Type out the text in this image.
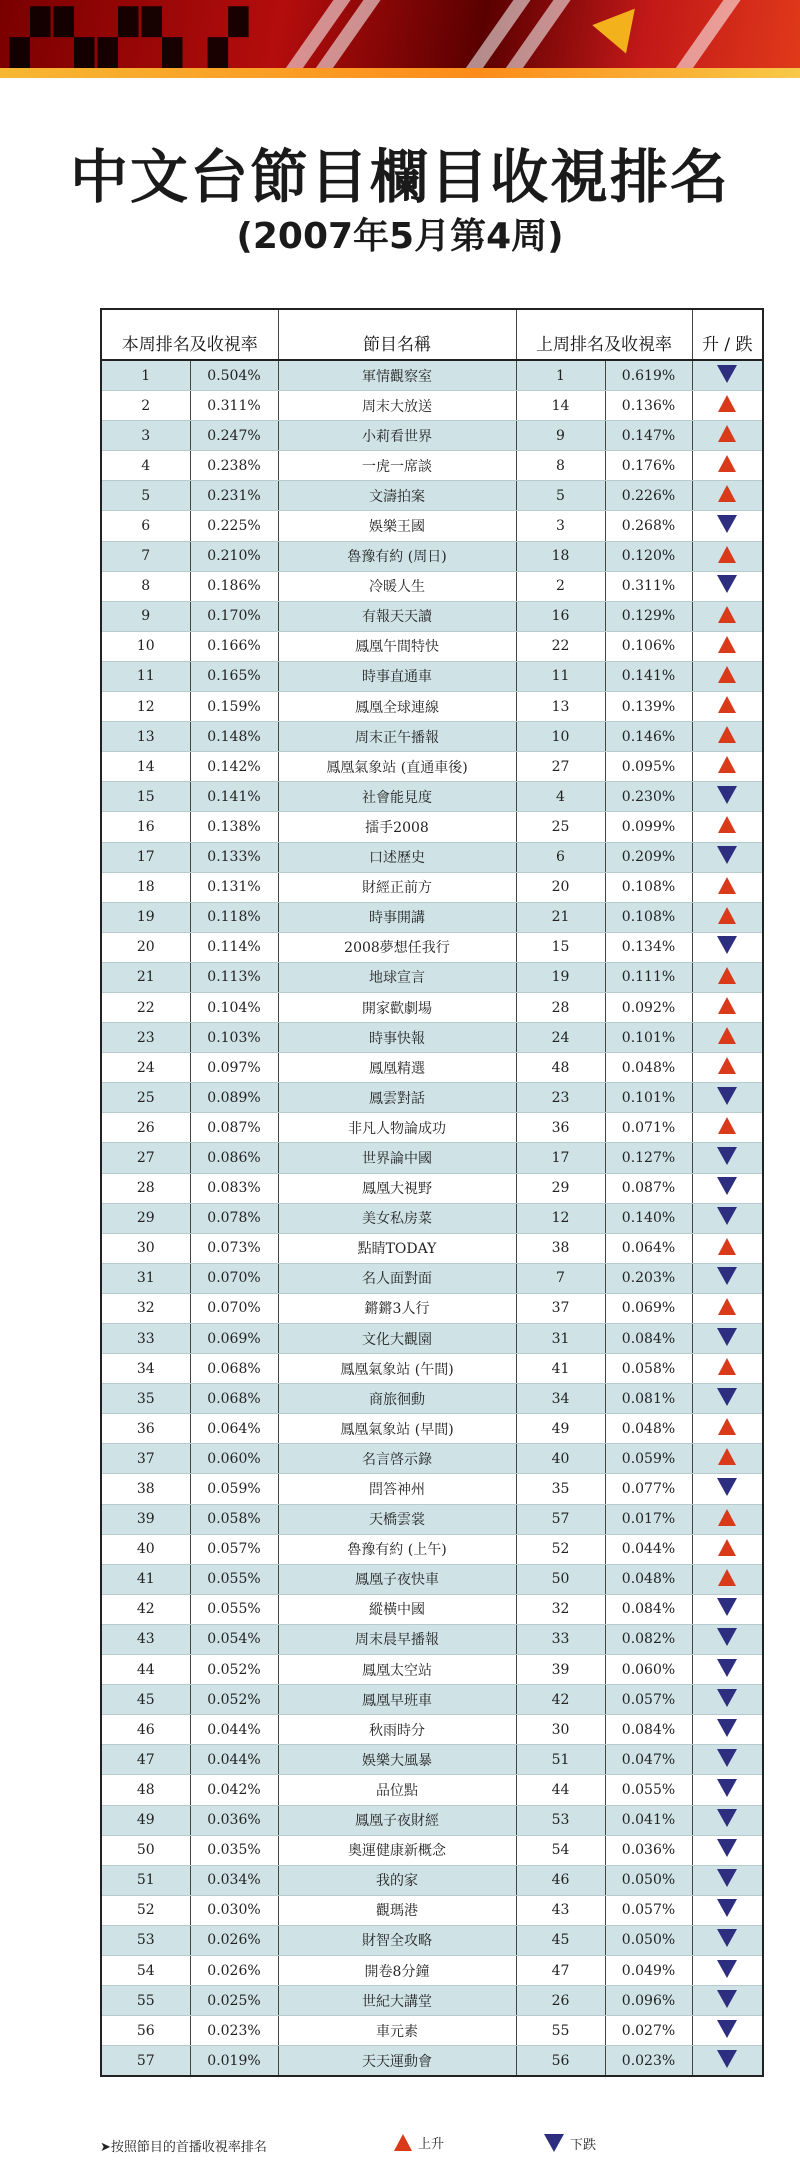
▞▚▞▚ ▞
中文台節目欄目收視排名
(2007年5月第4周)
本周排名及收視率		節目名稱	上周排名及收視率		升 / 跌
1	0.504%	軍情觀察室	1	0.619%	
2	0.311%	周末大放送	14	0.136%	
3	0.247%	小莉看世界	9	0.147%	
4	0.238%	一虎一席談	8	0.176%	
5	0.231%	文濤拍案	5	0.226%	
6	0.225%	娛樂王國	3	0.268%	
7	0.210%	魯豫有約 (周日)	18	0.120%	
8	0.186%	冷暖人生	2	0.311%	
9	0.170%	有報天天讀	16	0.129%	
10	0.166%	鳳凰午間特快	22	0.106%	
11	0.165%	時事直通車	11	0.141%	
12	0.159%	鳳凰全球連線	13	0.139%	
13	0.148%	周末正午播報	10	0.146%	
14	0.142%	鳳凰氣象站 (直通車後)	27	0.095%	
15	0.141%	社會能見度	4	0.230%	
16	0.138%	擂手2008	25	0.099%	
17	0.133%	口述歷史	6	0.209%	
18	0.131%	財經正前方	20	0.108%	
19	0.118%	時事開講	21	0.108%	
20	0.114%	2008夢想任我行	15	0.134%	
21	0.113%	地球宣言	19	0.111%	
22	0.104%	開家歡劇場	28	0.092%	
23	0.103%	時事快報	24	0.101%	
24	0.097%	鳳凰精選	48	0.048%	
25	0.089%	鳳雲對話	23	0.101%	
26	0.087%	非凡人物論成功	36	0.071%	
27	0.086%	世界論中國	17	0.127%	
28	0.083%	鳳凰大視野	29	0.087%	
29	0.078%	美女私房菜	12	0.140%	
30	0.073%	點睛TODAY	38	0.064%	
31	0.070%	名人面對面	7	0.203%	
32	0.070%	鏘鏘3人行	37	0.069%	
33	0.069%	文化大觀園	31	0.084%	
34	0.068%	鳳凰氣象站 (午間)	41	0.058%	
35	0.068%	商旅徊動	34	0.081%	
36	0.064%	鳳凰氣象站 (早間)	49	0.048%	
37	0.060%	名言啓示錄	40	0.059%	
38	0.059%	問答神州	35	0.077%	
39	0.058%	天橋雲裳	57	0.017%	
40	0.057%	魯豫有約 (上午)	52	0.044%	
41	0.055%	鳳凰子夜快車	50	0.048%	
42	0.055%	縱橫中國	32	0.084%	
43	0.054%	周末晨早播報	33	0.082%	
44	0.052%	鳳凰太空站	39	0.060%	
45	0.052%	鳳凰早班車	42	0.057%	
46	0.044%	秋雨時分	30	0.084%	
47	0.044%	娛樂大風暴	51	0.047%	
48	0.042%	品位點	44	0.055%	
49	0.036%	鳳凰子夜財經	53	0.041%	
50	0.035%	奧運健康新概念	54	0.036%	
51	0.034%	我的家	46	0.050%	
52	0.030%	觀瑪港	43	0.057%	
53	0.026%	財智全攻略	45	0.050%	
54	0.026%	開卷8分鐘	47	0.049%	
55	0.025%	世紀大講堂	26	0.096%	
56	0.023%	車元素	55	0.027%	
57	0.019%	天天運動會	56	0.023%	
➤按照節目的首播收視率排名	上升	下跌
